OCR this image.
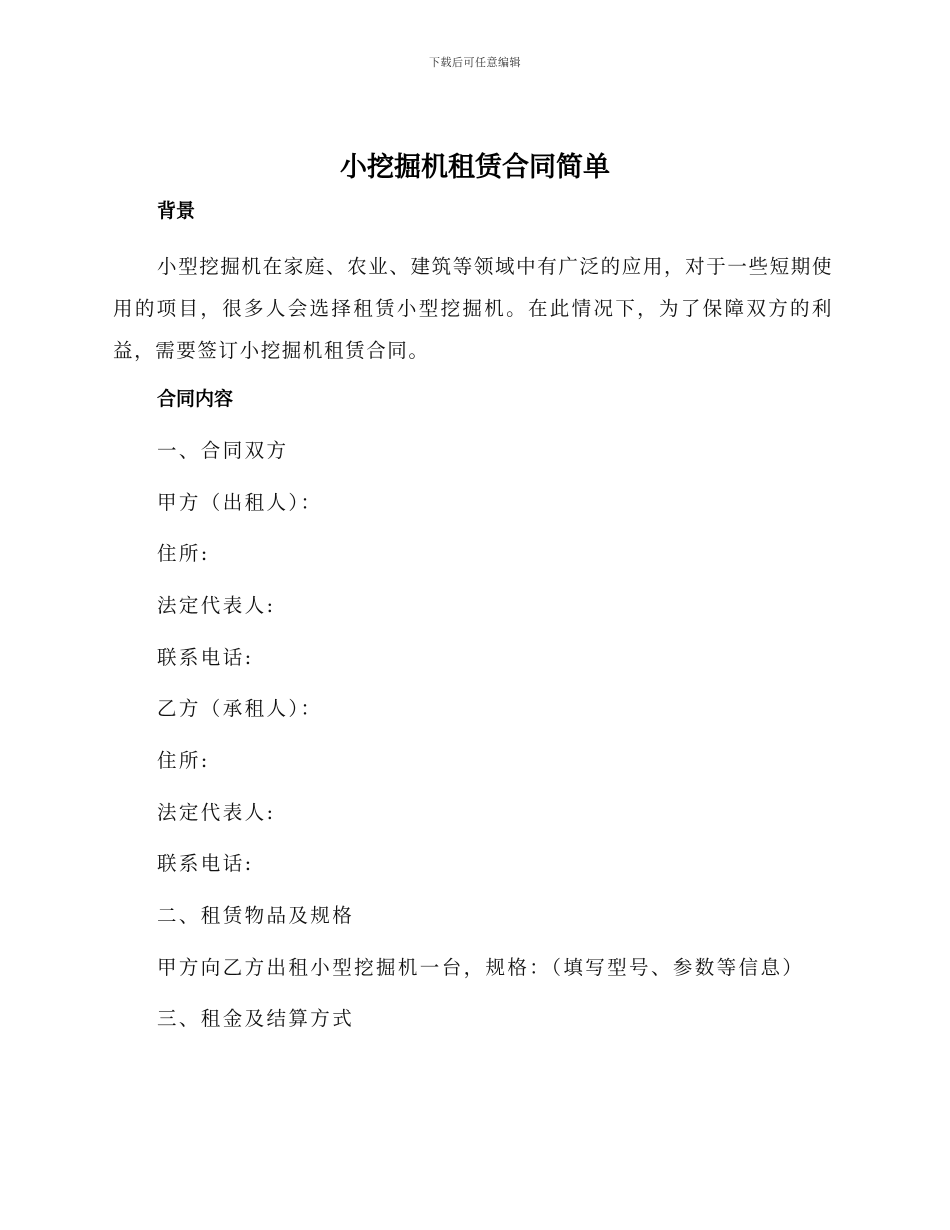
下载后可任意编辑
小挖掘机租赁合同简单
背景

小型挖掘机在家庭、农业、建筑等领域中有广泛的应用，对于一些短期使用的项目，很多人会选择租赁小型挖掘机。在此情况下，为了保障双方的利益，需要签订小挖掘机租赁合同。

合同内容
一、合同双方
甲方（出租人）：
住所:
法定代表人:
联系电话:
乙方（承租人）：
住所:
法定代表人:
联系电话:
二、租赁物品及规格
甲方向乙方出租小型挖掘机一台，规格：（填写型号、参数等信息）
三、租金及结算方式
